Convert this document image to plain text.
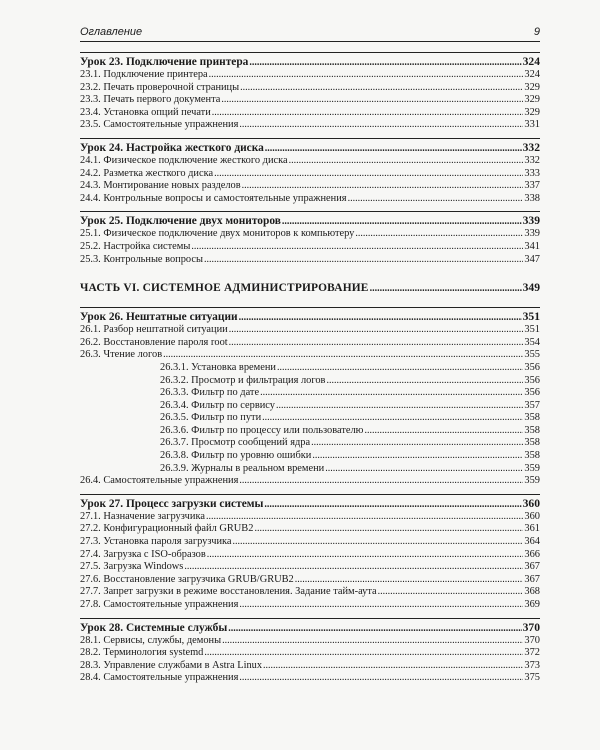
Оглавление	9
Урок 23. Подключение принтера .....	324
23.1. Подключение принтера .....	324
23.2. Печать проверочной страницы .....	329
23.3. Печать первого документа .....	329
23.4. Установка опций печати .....	329
23.5. Самостоятельные упражнения .....	331
Урок 24. Настройка жесткого диска .....	332
24.1. Физическое подключение жесткого диска .....	332
24.2. Разметка жесткого диска .....	333
24.3. Монтирование новых разделов .....	337
24.4. Контрольные вопросы и самостоятельные упражнения .....	338
Урок 25. Подключение двух мониторов .....	339
25.1. Физическое подключение двух мониторов к компьютеру .....	339
25.2. Настройка системы .....	341
25.3. Контрольные вопросы .....	347
ЧАСТЬ VI. СИСТЕМНОЕ АДМИНИСТРИРОВАНИЕ .....	349
Урок 26. Нештатные ситуации .....	351
26.1. Разбор нештатной ситуации .....	351
26.2. Восстановление пароля root .....	354
26.3. Чтение логов .....	355
26.3.1. Установка времени .....	356
26.3.2. Просмотр и фильтрация логов .....	356
26.3.3. Фильтр по дате .....	356
26.3.4. Фильтр по сервису .....	357
26.3.5. Фильтр по пути .....	358
26.3.6. Фильтр по процессу или пользователю .....	358
26.3.7. Просмотр сообщений ядра .....	358
26.3.8. Фильтр по уровню ошибки .....	358
26.3.9. Журналы в реальном времени .....	359
26.4. Самостоятельные упражнения .....	359
Урок 27. Процесс загрузки системы .....	360
27.1. Назначение загрузчика .....	360
27.2. Конфигурационный файл GRUB2 .....	361
27.3. Установка пароля загрузчика .....	364
27.4. Загрузка с ISO-образов .....	366
27.5. Загрузка Windows .....	367
27.6. Восстановление загрузчика GRUB/GRUB2 .....	367
27.7. Запрет загрузки в режиме восстановления. Задание тайм-аута .....	368
27.8. Самостоятельные упражнения .....	369
Урок 28. Системные службы .....	370
28.1. Сервисы, службы, демоны .....	370
28.2. Терминология systemd .....	372
28.3. Управление службами в Astra Linux .....	373
28.4. Самостоятельные упражнения .....	375
